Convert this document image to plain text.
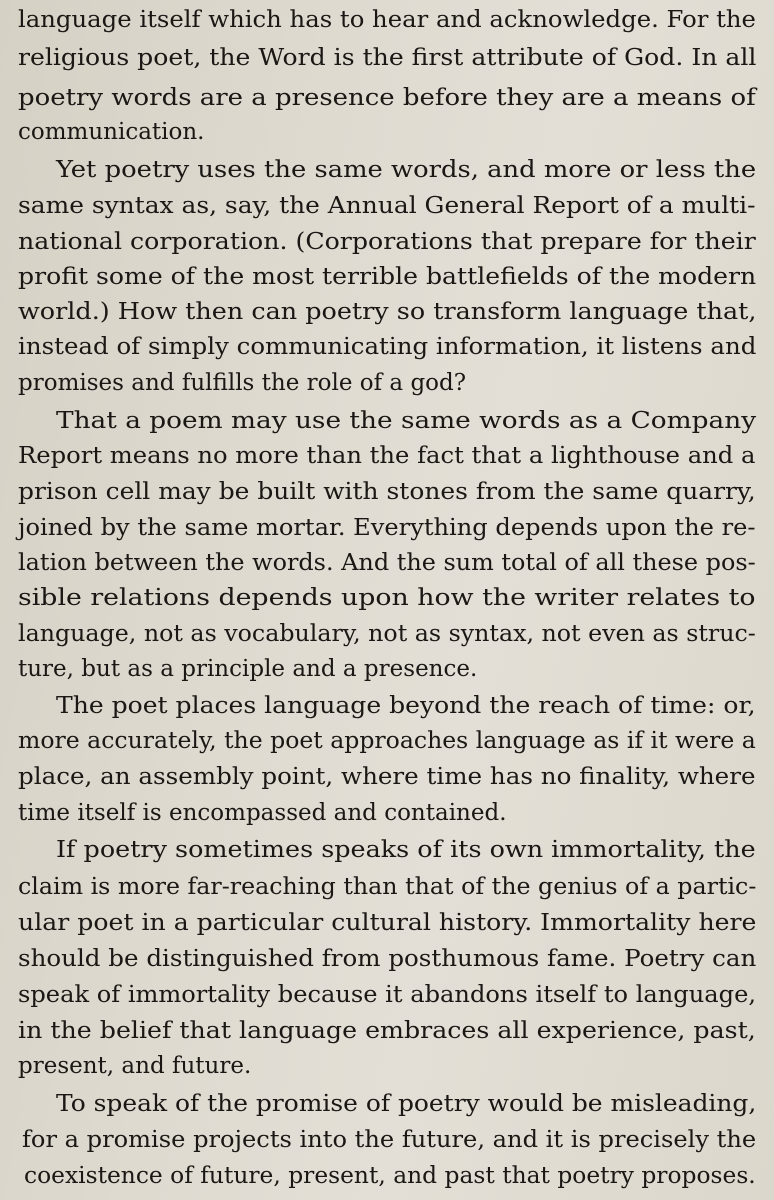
language itself which has to hear and acknowledge. For the
religious poet, the Word is the first attribute of God. In all
poetry words are a presence before they are a means of
communication.
Yet poetry uses the same words, and more or less the
same syntax as, say, the Annual General Report of a multi-
national corporation. (Corporations that prepare for their
profit some of the most terrible battlefields of the modern
world.) How then can poetry so transform language that,
instead of simply communicating information, it listens and
promises and fulfills the role of a god?
That a poem may use the same words as a Company
Report means no more than the fact that a lighthouse and a
prison cell may be built with stones from the same quarry,
joined by the same mortar. Everything depends upon the re-
lation between the words. And the sum total of all these pos-
sible relations depends upon how the writer relates to
language, not as vocabulary, not as syntax, not even as struc-
ture, but as a principle and a presence.
The poet places language beyond the reach of time: or,
more accurately, the poet approaches language as if it were a
place, an assembly point, where time has no finality, where
time itself is encompassed and contained.
If poetry sometimes speaks of its own immortality, the
claim is more far-reaching than that of the genius of a partic-
ular poet in a particular cultural history. Immortality here
should be distinguished from posthumous fame. Poetry can
speak of immortality because it abandons itself to language,
in the belief that language embraces all experience, past,
present, and future.
To speak of the promise of poetry would be misleading,
for a promise projects into the future, and it is precisely the
coexistence of future, present, and past that poetry proposes.
